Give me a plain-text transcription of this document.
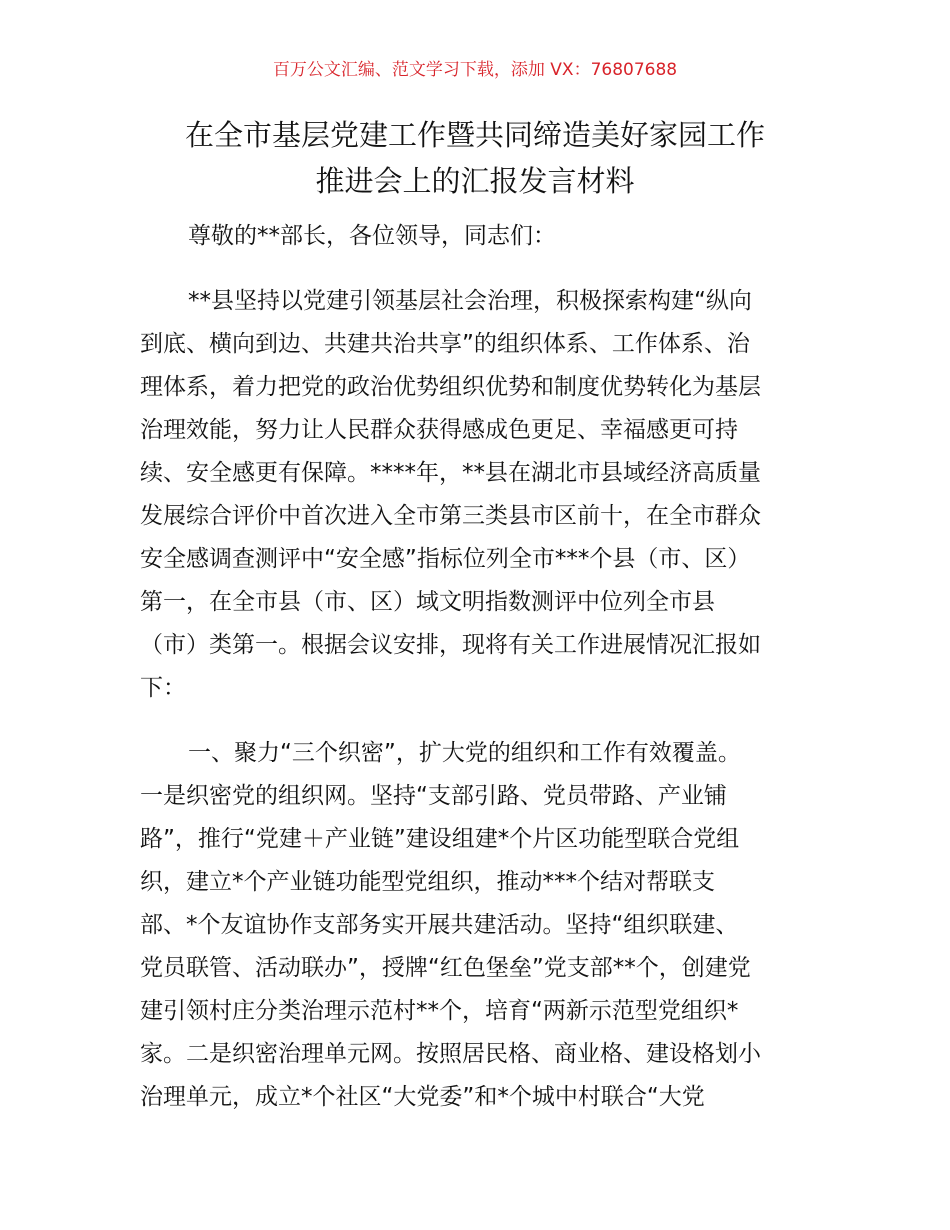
百万公文汇编、范文学习下载，添加 VX：76807688
在全市基层党建工作暨共同缔造美好家园工作
推进会上的汇报发言材料
尊敬的**部长，各位领导，同志们：
**县坚持以党建引领基层社会治理，积极探索构建“纵向
到底、横向到边、共建共治共享”的组织体系、工作体系、治
理体系，着力把党的政治优势组织优势和制度优势转化为基层
治理效能，努力让人民群众获得感成色更足、幸福感更可持
续、安全感更有保障。****年，**县在湖北市县域经济高质量
发展综合评价中首次进入全市第三类县市区前十，在全市群众
安全感调查测评中“安全感”指标位列全市***个县（市、区）
第一，在全市县（市、区）域文明指数测评中位列全市县
（市）类第一。根据会议安排，现将有关工作进展情况汇报如
下：
一、聚力“三个织密”，扩大党的组织和工作有效覆盖。
一是织密党的组织网。坚持“支部引路、党员带路、产业铺
路”，推行“党建＋产业链”建设组建*个片区功能型联合党组
织，建立*个产业链功能型党组织，推动***个结对帮联支
部、*个友谊协作支部务实开展共建活动。坚持“组织联建、
党员联管、活动联办”，授牌“红色堡垒”党支部**个，创建党
建引领村庄分类治理示范村**个，培育“两新示范型党组织*
家。二是织密治理单元网。按照居民格、商业格、建设格划小
治理单元，成立*个社区“大党委”和*个城中村联合“大党
